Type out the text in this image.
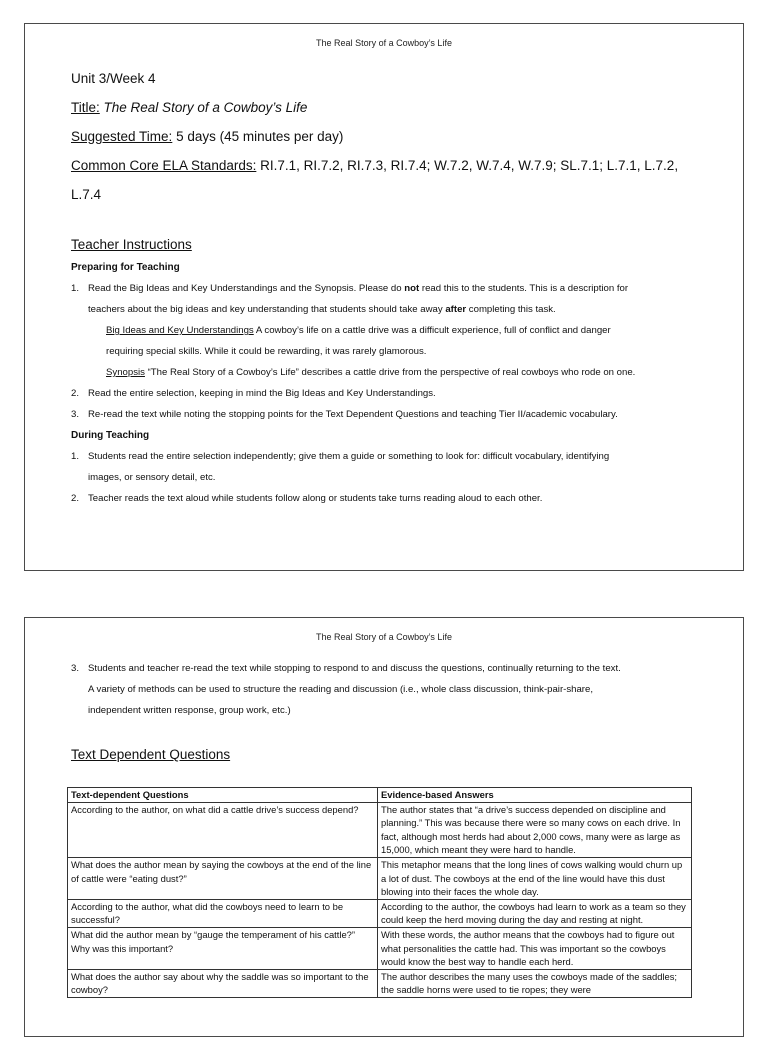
The Real Story of a Cowboy’s Life
Unit 3/Week 4
Title: The Real Story of a Cowboy’s Life
Suggested Time: 5 days (45 minutes per day)
Common Core ELA Standards: RI.7.1, RI.7.2, RI.7.3, RI.7.4; W.7.2, W.7.4, W.7.9; SL.7.1; L.7.1, L.7.2,
L.7.4
Teacher Instructions
Preparing for Teaching
1. Read the Big Ideas and Key Understandings and the Synopsis. Please do not read this to the students. This is a description for
teachers about the big ideas and key understanding that students should take away after completing this task.
Big Ideas and Key Understandings A cowboy’s life on a cattle drive was a difficult experience, full of conflict and danger
requiring special skills. While it could be rewarding, it was rarely glamorous.
Synopsis “The Real Story of a Cowboy’s Life” describes a cattle drive from the perspective of real cowboys who rode on one.
2. Read the entire selection, keeping in mind the Big Ideas and Key Understandings.
3. Re-read the text while noting the stopping points for the Text Dependent Questions and teaching Tier II/academic vocabulary.
During Teaching
1. Students read the entire selection independently; give them a guide or something to look for: difficult vocabulary, identifying
images, or sensory detail, etc.
2. Teacher reads the text aloud while students follow along or students take turns reading aloud to each other.
The Real Story of a Cowboy’s Life
3. Students and teacher re-read the text while stopping to respond to and discuss the questions, continually returning to the text.
A variety of methods can be used to structure the reading and discussion (i.e., whole class discussion, think-pair-share,
independent written response, group work, etc.)
Text Dependent Questions
Text-dependent Questions	Evidence-based Answers
According to the author, on what did a cattle drive’s success depend?	The author states that “a drive’s success depended on discipline and planning.” This was because there were so many cows on each drive. In fact, although most herds had about 2,000 cows, many were as large as 15,000, which meant they were hard to handle.
What does the author mean by saying the cowboys at the end of the line of cattle were “eating dust?”	This metaphor means that the long lines of cows walking would churn up a lot of dust. The cowboys at the end of the line would have this dust blowing into their faces the whole day.
According to the author, what did the cowboys need to learn to be successful?	According to the author, the cowboys had learn to work as a team so they could keep the herd moving during the day and resting at night.
What did the author mean by “gauge the temperament of his cattle?” Why was this important?	With these words, the author means that the cowboys had to figure out what personalities the cattle had. This was important so the cowboys would know the best way to handle each herd.
What does the author say about why the saddle was so important to the cowboy?	The author describes the many uses the cowboys made of the saddles; the saddle horns were used to tie ropes; they were
